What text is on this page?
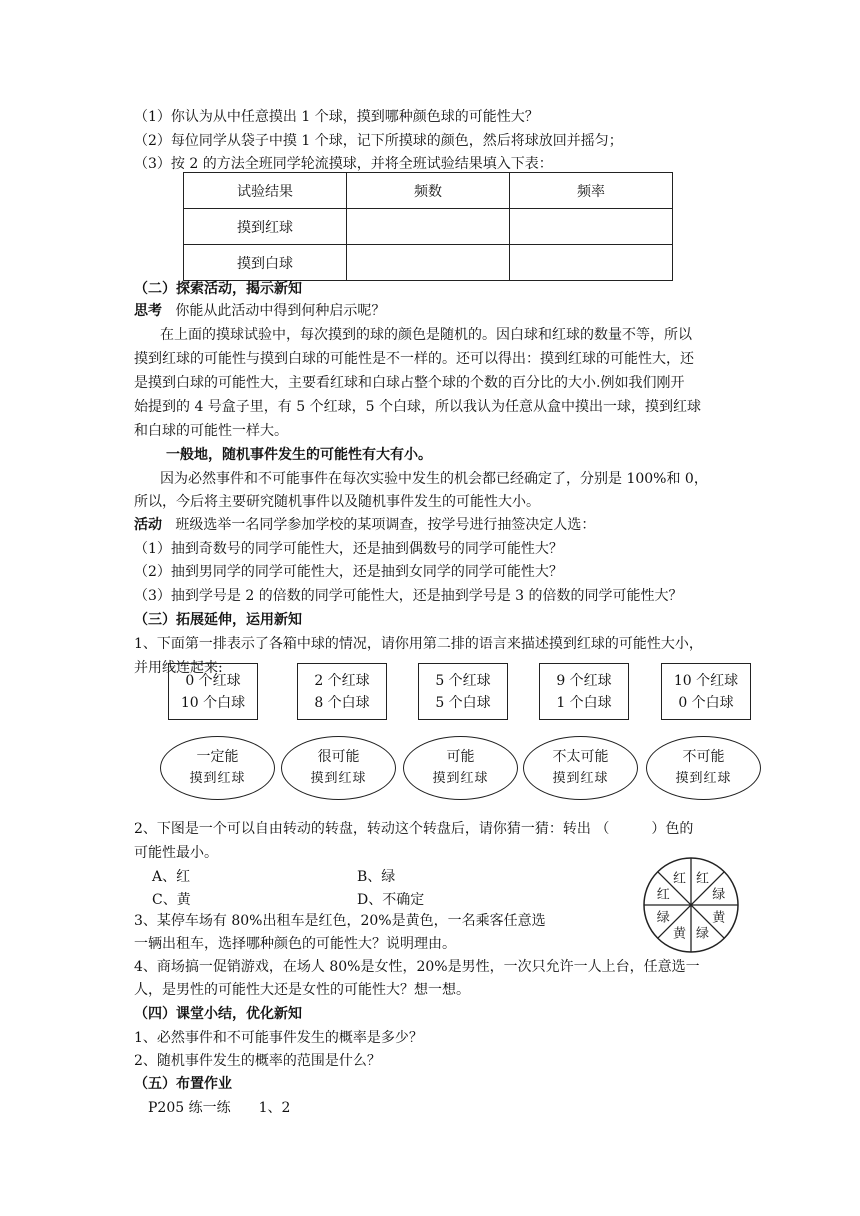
（1）你认为从中任意摸出 1 个球，摸到哪种颜色球的可能性大？
（2）每位同学从袋子中摸 1 个球，记下所摸球的颜色，然后将球放回并摇匀；
（3）按 2 的方法全班同学轮流摸球，并将全班试验结果填入下表：
试验结果	频数	频率
摸到红球		
摸到白球		
（二）探索活动，揭示新知
思考 你能从此活动中得到何种启示呢？
在上面的摸球试验中，每次摸到的球的颜色是随机的。因白球和红球的数量不等，所以
摸到红球的可能性与摸到白球的可能性是不一样的。还可以得出：摸到红球的可能性大，还
是摸到白球的可能性大，主要看红球和白球占整个球的个数的百分比的大小.例如我们刚开
始提到的 4 号盒子里，有 5 个红球，5 个白球，所以我认为任意从盒中摸出一球，摸到红球
和白球的可能性一样大。
一般地，随机事件发生的可能性有大有小。
因为必然事件和不可能事件在每次实验中发生的机会都已经确定了，分别是 100%和 0，
所以，今后将主要研究随机事件以及随机事件发生的可能性大小。
活动 班级选举一名同学参加学校的某项调查，按学号进行抽签决定人选：
（1）抽到奇数号的同学可能性大，还是抽到偶数号的同学可能性大？
（2）抽到男同学的同学可能性大，还是抽到女同学的同学可能性大？
（3）抽到学号是 2 的倍数的同学可能性大，还是抽到学号是 3 的倍数的同学可能性大？
（三）拓展延伸，运用新知
1、下面第一排表示了各箱中球的情况，请你用第二排的语言来描述摸到红球的可能性大小，
并用线连起来:
0 个红球
10 个白球
2 个红球
8 个白球
5 个红球
5 个白球
9 个红球
1 个白球
10 个红球
0 个白球
一定能
摸到红球
很可能
摸到红球
可能
摸到红球
不太可能
摸到红球
不可能
摸到红球
2、下图是一个可以自由转动的转盘，转动这个转盘后，请你猜一猜：转出 （　　　）色的
可能性最小。
A、红	B、绿
C、黄	D、不确定
红 红
绿
黄
绿
黄
绿
红
3、某停车场有 80%出租车是红色，20%是黄色，一名乘客任意选
一辆出租车，选择哪种颜色的可能性大？说明理由。
4、商场搞一促销游戏，在场人 80%是女性，20%是男性，一次只允许一人上台，任意选一
人，是男性的可能性大还是女性的可能性大？想一想。
（四）课堂小结，优化新知
1、必然事件和不可能事件发生的概率是多少？
2、随机事件发生的概率的范围是什么？
（五）布置作业
P205 练一练　　1、2
